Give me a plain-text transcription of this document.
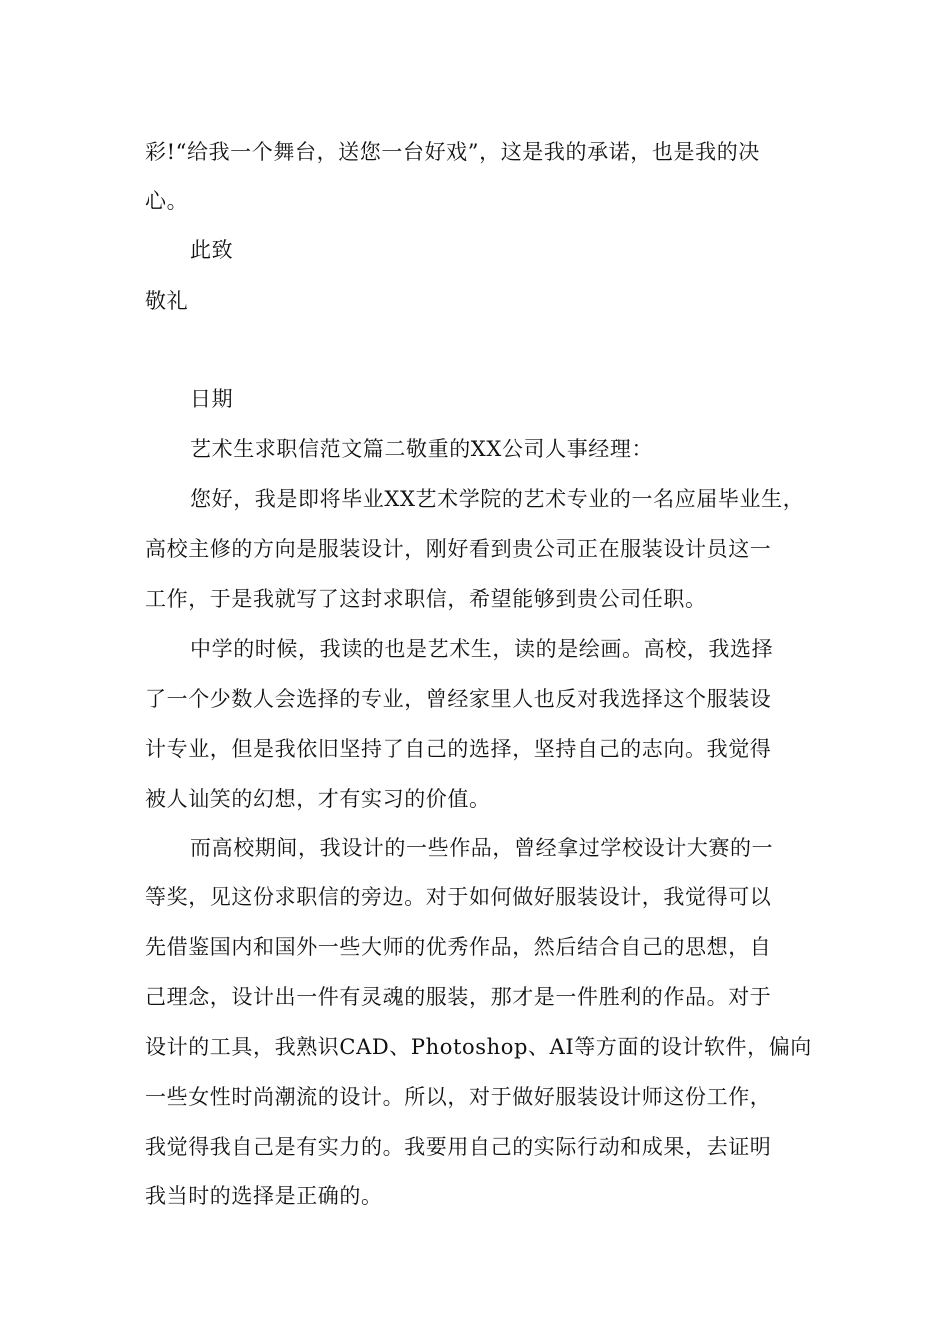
彩!“给我一个舞台，送您一台好戏”，这是我的承诺，也是我的决
心。
此致
敬礼
日期
艺术生求职信范文篇二敬重的XX公司人事经理：
您好，我是即将毕业XX艺术学院的艺术专业的一名应届毕业生，
高校主修的方向是服装设计，刚好看到贵公司正在服装设计员这一
工作，于是我就写了这封求职信，希望能够到贵公司任职。
中学的时候，我读的也是艺术生，读的是绘画。高校，我选择
了一个少数人会选择的专业，曾经家里人也反对我选择这个服装设
计专业，但是我依旧坚持了自己的选择，坚持自己的志向。我觉得
被人讪笑的幻想，才有实习的价值。
而高校期间，我设计的一些作品，曾经拿过学校设计大赛的一
等奖，见这份求职信的旁边。对于如何做好服装设计，我觉得可以
先借鉴国内和国外一些大师的优秀作品，然后结合自己的思想，自
己理念，设计出一件有灵魂的服装，那才是一件胜利的作品。对于
设计的工具，我熟识CAD、Photoshop、AI等方面的设计软件，偏向
一些女性时尚潮流的设计。所以，对于做好服装设计师这份工作，
我觉得我自己是有实力的。我要用自己的实际行动和成果，去证明
我当时的选择是正确的。
